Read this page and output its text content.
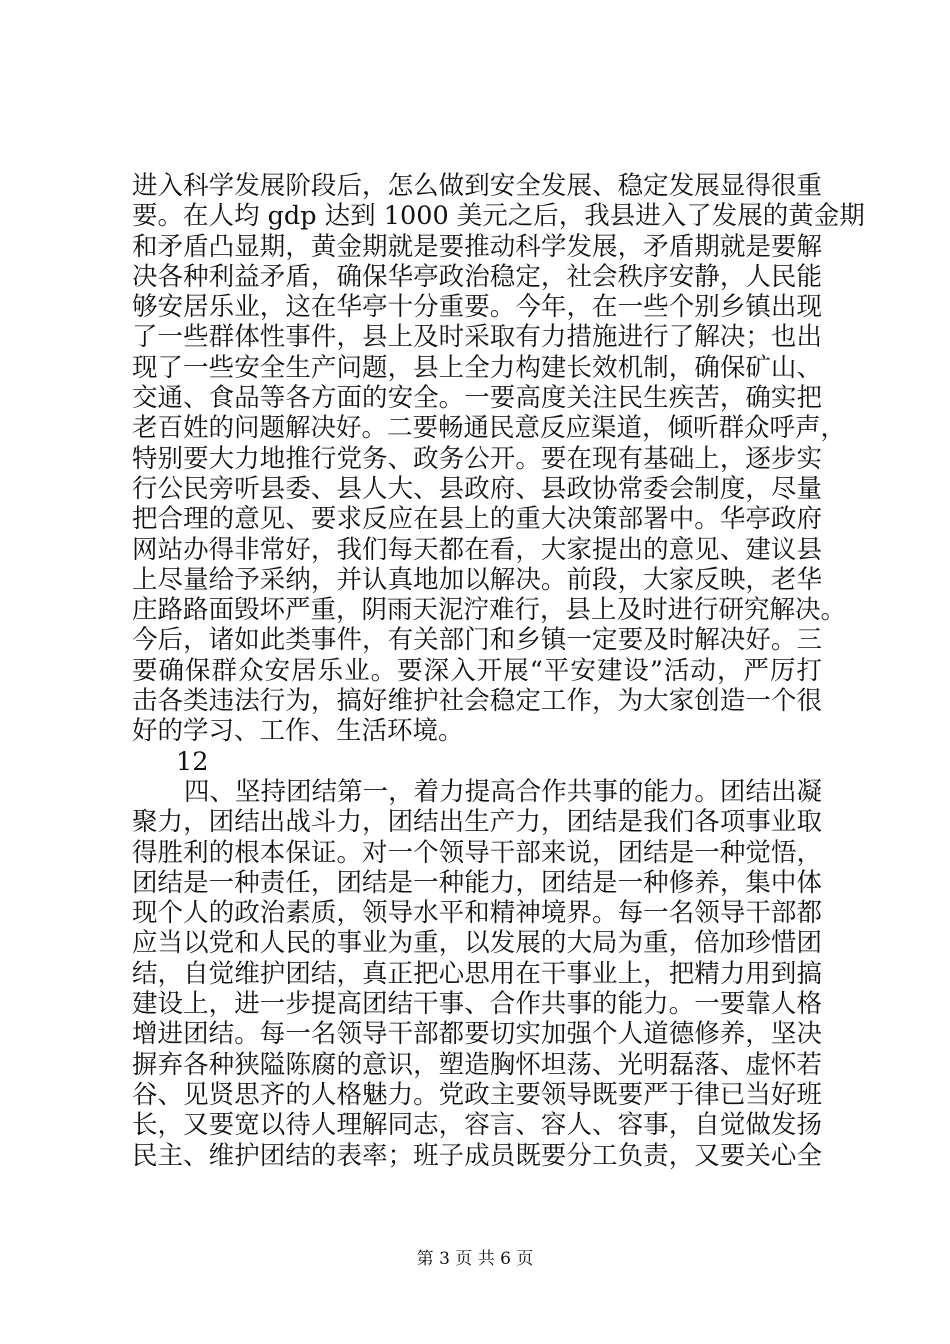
进入科学发展阶段后，怎么做到安全发展、稳定发展显得很重
要。在人均 gdp 达到 1000 美元之后，我县进入了发展的黄金期
和矛盾凸显期，黄金期就是要推动科学发展，矛盾期就是要解
决各种利益矛盾，确保华亭政治稳定，社会秩序安静，人民能
够安居乐业，这在华亭十分重要。今年，在一些个别乡镇出现
了一些群体性事件，县上及时采取有力措施进行了解决；也出
现了一些安全生产问题，县上全力构建长效机制，确保矿山、
交通、食品等各方面的安全。一要高度关注民生疾苦，确实把
老百姓的问题解决好。二要畅通民意反应渠道，倾听群众呼声，
特别要大力地推行党务、政务公开。要在现有基础上，逐步实
行公民旁听县委、县人大、县政府、县政协常委会制度，尽量
把合理的意见、要求反应在县上的重大决策部署中。华亭政府
网站办得非常好，我们每天都在看，大家提出的意见、建议县
上尽量给予采纳，并认真地加以解决。前段，大家反映，老华
庄路路面毁坏严重，阴雨天泥泞难行，县上及时进行研究解决。
今后，诸如此类事件，有关部门和乡镇一定要及时解决好。三
要确保群众安居乐业。要深入开展“平安建设”活动，严厉打
击各类违法行为，搞好维护社会稳定工作，为大家创造一个很
好的学习、工作、生活环境。
12
四、坚持团结第一，着力提高合作共事的能力。团结出凝
聚力，团结出战斗力，团结出生产力，团结是我们各项事业取
得胜利的根本保证。对一个领导干部来说，团结是一种觉悟，
团结是一种责任，团结是一种能力，团结是一种修养，集中体
现个人的政治素质，领导水平和精神境界。每一名领导干部都
应当以党和人民的事业为重，以发展的大局为重，倍加珍惜团
结，自觉维护团结，真正把心思用在干事业上，把精力用到搞
建设上，进一步提高团结干事、合作共事的能力。一要靠人格
增进团结。每一名领导干部都要切实加强个人道德修养，坚决
摒弃各种狭隘陈腐的意识，塑造胸怀坦荡、光明磊落、虚怀若
谷、见贤思齐的人格魅力。党政主要领导既要严于律已当好班
长，又要宽以待人理解同志，容言、容人、容事，自觉做发扬
民主、维护团结的表率；班子成员既要分工负责，又要关心全
第 3 页 共 6 页
